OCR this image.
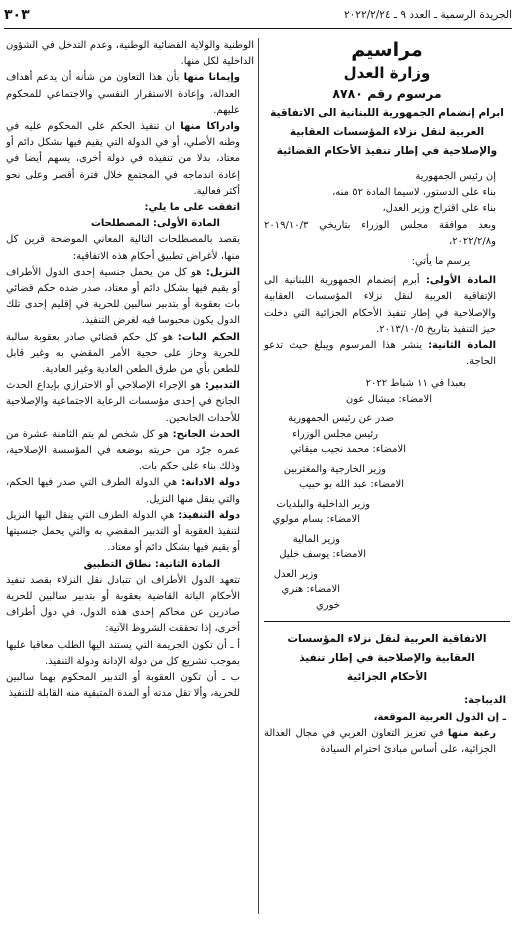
الجريدة الرسمية ـ العدد ٩ ـ ٢٠٢٢/٢/٢٤
٣٠٣

مراسيم

وزارة العدل

مرسوم رقم ٨٧٨٠

ابرام إنضمام الجمهورية اللبنانية الى الاتفاقية العربية لنقل نزلاء المؤسسات العقابية والإصلاحية في إطار تنفيذ الأحكام القضائية

إن رئيس الجمهورية

بناء على الدستور، لاسيما المادة ٥٢ منه،

بناء على اقتراح وزير العدل،

وبعد موافقة مجلس الوزراء بتاريخي ٢٠١٩/١٠/٣ و٢٠٢٢/٢/٨،

يرسم ما يأتي:

المادة الأولى: أبرم إنضمام الجمهورية اللبنانية الى الإتفاقية العربية لنقل نزلاء المؤسسات العقابية والإصلاحية في إطار تنفيذ الأحكام الجزائية التي دخلت حيز التنفيذ بتاريخ ٢٠١٣/١٠/٥.

المادة الثانية: ينشر هذا المرسوم ويبلغ حيث تدعو الحاجة.

بعبدا في ١١ شباط ٢٠٢٢

الامضاء: ميشال عون

صدر عن رئيس الجمهورية

رئيس مجلس الوزراء

الامضاء: محمد نجيب ميقاتي

وزير الخارجية والمغتربين

الامضاء: عبد الله بو حبيب

وزير الداخلية والبلديات

الامضاء: بسام مولوي

وزير المالية

الامضاء: يوسف خليل

وزير العدل

الامضاء: هنري خوري

الاتفاقية العربية لنقل نزلاء المؤسسات العقابية والإصلاحية في إطار تنفيذ الأحكام الجزائية

الديباجة:

ـ إن الدول العربية الموقعة،

رغبة منها في تعزيز التعاون العربي في مجال العدالة الجزائية، على أساس مبادئ احترام السيادة

الوطنية والولاية القضائية الوطنية، وعدم التدخل في الشؤون الداخلية لكل منها.

وإيمانا منها بأن هذا التعاون من شأنه أن يدعم أهداف العدالة، وإعادة الاستقرار النفسي والاجتماعي للمحكوم عليهم.

وادراكا منها ان تنفيذ الحكم على المحكوم عليه في وطنه الأصلي، أو في الدولة التي يقيم فيها بشكل دائم أو معتاد، بدلا من تنفيذه في دولة أخرى، يسهم أيضا في إعادة اندماجه في المجتمع خلال فترة أقصر وعلى نحو أكثر فعالية.

اتفقت على ما يلي:

المادة الأولى: المصطلحات

يقصد بالمصطلحات التالية المعاني الموضحة قرين كل منها، لأغراض تطبيق أحكام هذه الاتفاقية:

النزيل: هو كل من يحمل جنسية إحدى الدول الأطراف أو يقيم فيها بشكل دائم أو معتاد، صدر ضده حكم قضائي بات بعقوبة أو بتدبير سالبين للحرية في إقليم إحدى تلك الدول يكون محبوسا فيه لغرض التنفيذ.

الحكم البات: هو كل حكم قضائي صادر بعقوبة سالبة للحرية وحاز على حجية الأمر المقضي به وغير قابل للطعن بأي من طرق الطعن العادية وغير العادية.

التدبير: هو الإجراء الإصلاحي أو الاحترازي بإيداع الحدث الجانح في إحدى مؤسسات الرعاية الاجتماعية والإصلاحية للأحداث الجانحين.

الحدث الجانح: هو كل شخص لم يتم الثامنة عشرة من عمره جرّد من حريته بوضعه في المؤسسة الإصلاحية، وذلك بناء على حكم بات.

دولة الادانة: هي الدولة الطرف التي صدر فيها الحكم، والتي ينقل منها النزيل.

دولة التنفيذ: هي الدولة الطرف التي ينقل اليها النزيل لتنفيذ العقوبة أو التدبير المقضي به والتي يحمل جنسيتها أو يقيم فيها بشكل دائم أو معتاد.

المادة الثانية: نطاق التطبيق

تتعهد الدول الأطراف ان تتبادل نقل النزلاء بقصد تنفيذ الأحكام الباتة القاضية بعقوبة أو بتدبير سالبين للحرية صادرين عن محاكم إحدى هذه الدول، في دول أطراف أخرى، إذا تحققت الشروط الآتية:

أ ـ أن تكون الجريمة التي يستند اليها الطلب معاقبا عليها بموجب تشريع كل من دولة الإدانة ودولة التنفيذ.

ب ـ أن تكون العقوبة أو التدبير المحكوم بهما سالبين للحرية، وألا تقل مدته أو المدة المتبقية منه القابلة للتنفيذ
